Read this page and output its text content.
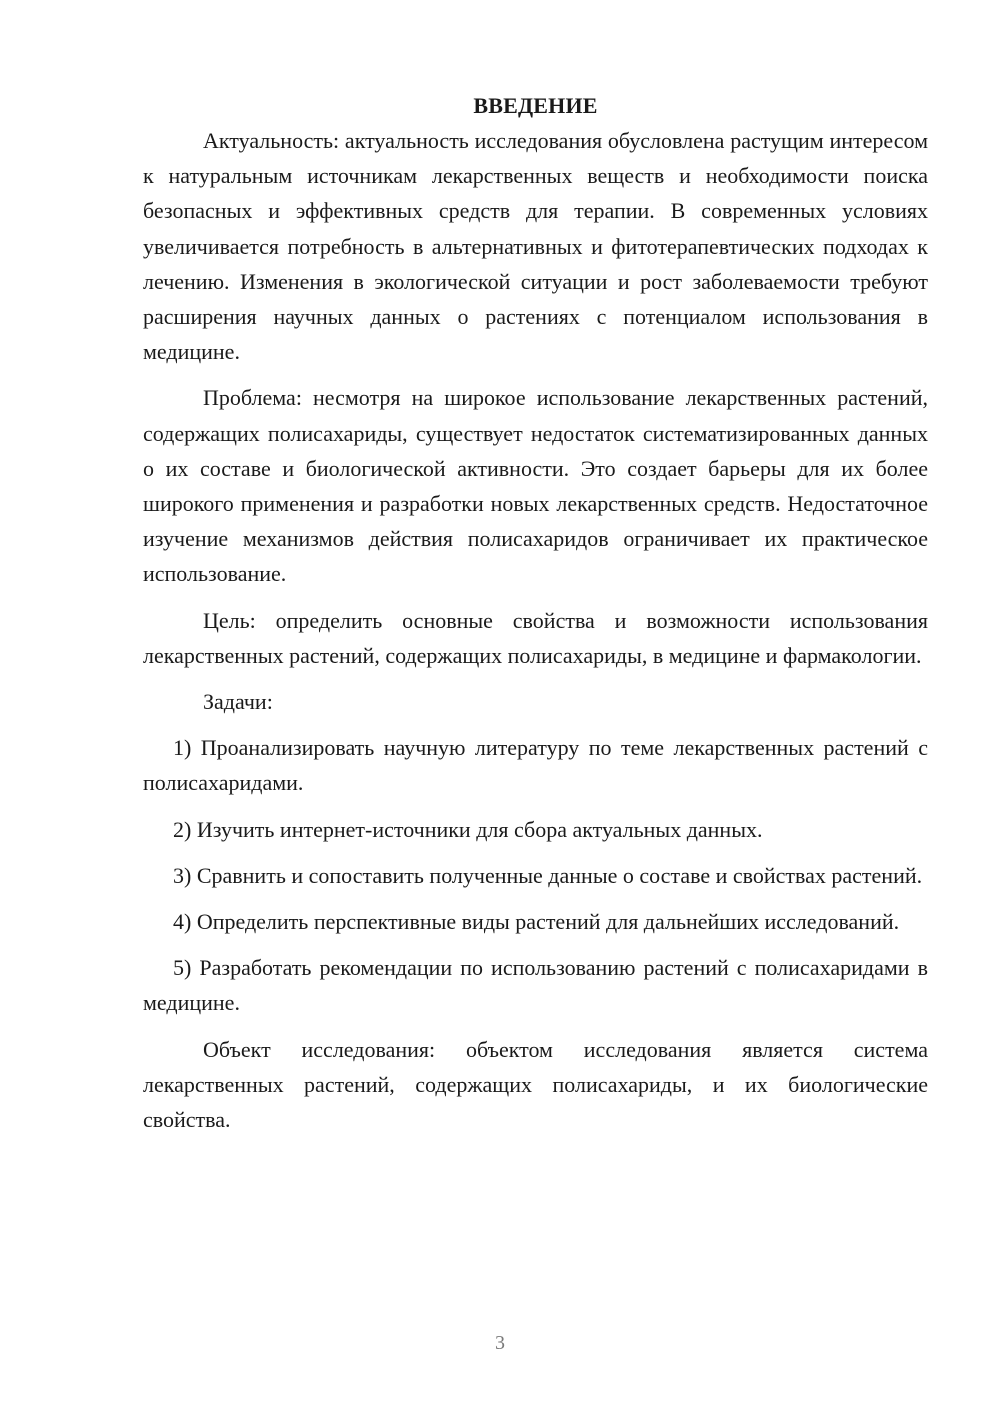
ВВЕДЕНИЕ

Актуальность: актуальность исследования обусловлена растущим интересом к натуральным источникам лекарственных веществ и необходимости поиска безопасных и эффективных средств для терапии. В современных условиях увеличивается потребность в альтернативных и фитотерапевтических подходах к лечению. Изменения в экологической ситуации и рост заболеваемости требуют расширения научных данных о растениях с потенциалом использования в медицине.

Проблема: несмотря на широкое использование лекарственных растений, содержащих полисахариды, существует недостаток систематизированных данных о их составе и биологической активности. Это создает барьеры для их более широкого применения и разработки новых лекарственных средств. Недостаточное изучение механизмов действия полисахаридов ограничивает их практическое использование.

Цель: определить основные свойства и возможности использования лекарственных растений, содержащих полисахариды, в медицине и фармакологии.

Задачи:

1) Проанализировать научную литературу по теме лекарственных растений с полисахаридами.

2) Изучить интернет-источники для сбора актуальных данных.

3) Сравнить и сопоставить полученные данные о составе и свойствах растений.

4) Определить перспективные виды растений для дальнейших исследований.

5) Разработать рекомендации по использованию растений с полисахаридами в медицине.

Объект исследования: объектом исследования является система лекарственных растений, содержащих полисахариды, и их биологические свойства.

3
